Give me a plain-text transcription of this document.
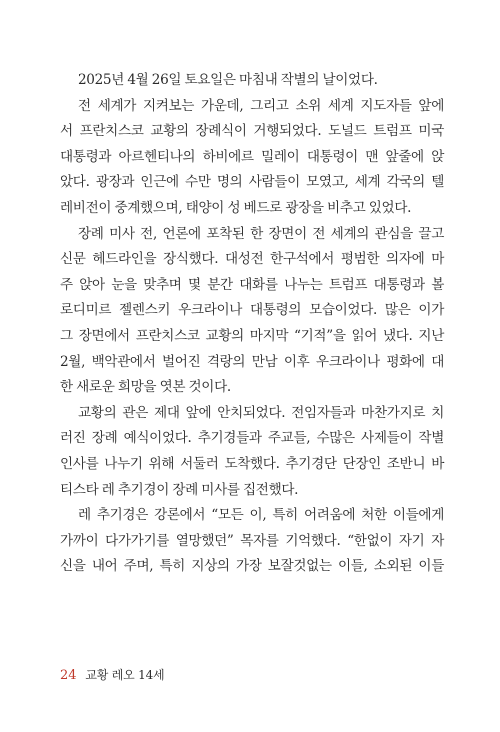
2025년 4월 26일 토요일은 마침내 작별의 날이었다.
전 세계가 지켜보는 가운데, 그리고 소위 세계 지도자들 앞에
서 프란치스코 교황의 장례식이 거행되었다. 도널드 트럼프 미국
대통령과 아르헨티나의 하비에르 밀레이 대통령이 맨 앞줄에 앉
았다. 광장과 인근에 수만 명의 사람들이 모였고, 세계 각국의 텔
레비전이 중계했으며, 태양이 성 베드로 광장을 비추고 있었다.
장례 미사 전, 언론에 포착된 한 장면이 전 세계의 관심을 끌고
신문 헤드라인을 장식했다. 대성전 한구석에서 평범한 의자에 마
주 앉아 눈을 맞추며 몇 분간 대화를 나누는 트럼프 대통령과 볼
로디미르 젤렌스키 우크라이나 대통령의 모습이었다. 많은 이가
그 장면에서 프란치스코 교황의 마지막 “기적”을 읽어 냈다. 지난
2월, 백악관에서 벌어진 격랑의 만남 이후 우크라이나 평화에 대
한 새로운 희망을 엿본 것이다.
교황의 관은 제대 앞에 안치되었다. 전임자들과 마찬가지로 치
러진 장례 예식이었다. 추기경들과 주교들, 수많은 사제들이 작별
인사를 나누기 위해 서둘러 도착했다. 추기경단 단장인 조반니 바
티스타 레 추기경이 장례 미사를 집전했다.
레 추기경은 강론에서 “모든 이, 특히 어려움에 처한 이들에게
가까이 다가가기를 열망했던” 목자를 기억했다. “한없이 자기 자
신을 내어 주며, 특히 지상의 가장 보잘것없는 이들, 소외된 이들
24 교황 레오 14세
